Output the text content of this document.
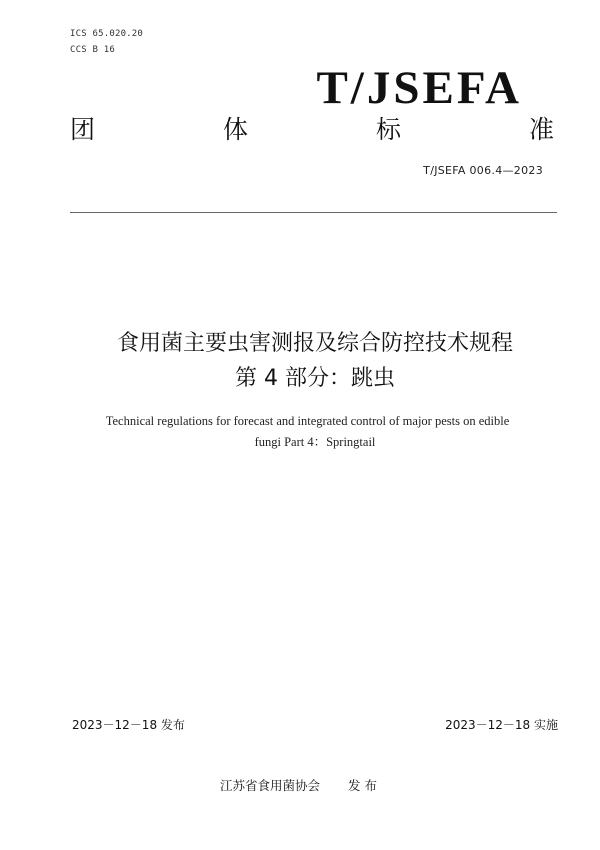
ICS 65.020.20
CCS B 16
T/JSEFA
团	体	标	准
T/JSEFA 006.4—2023
食用菌主要虫害测报及综合防控技术规程
第 4 部分：跳虫
Technical regulations for forecast and integrated control of major pests on edible
fungi Part 4：Springtail
2023－12－18 发布	2023－12－18 实施
江苏省食用菌协会 发 布
